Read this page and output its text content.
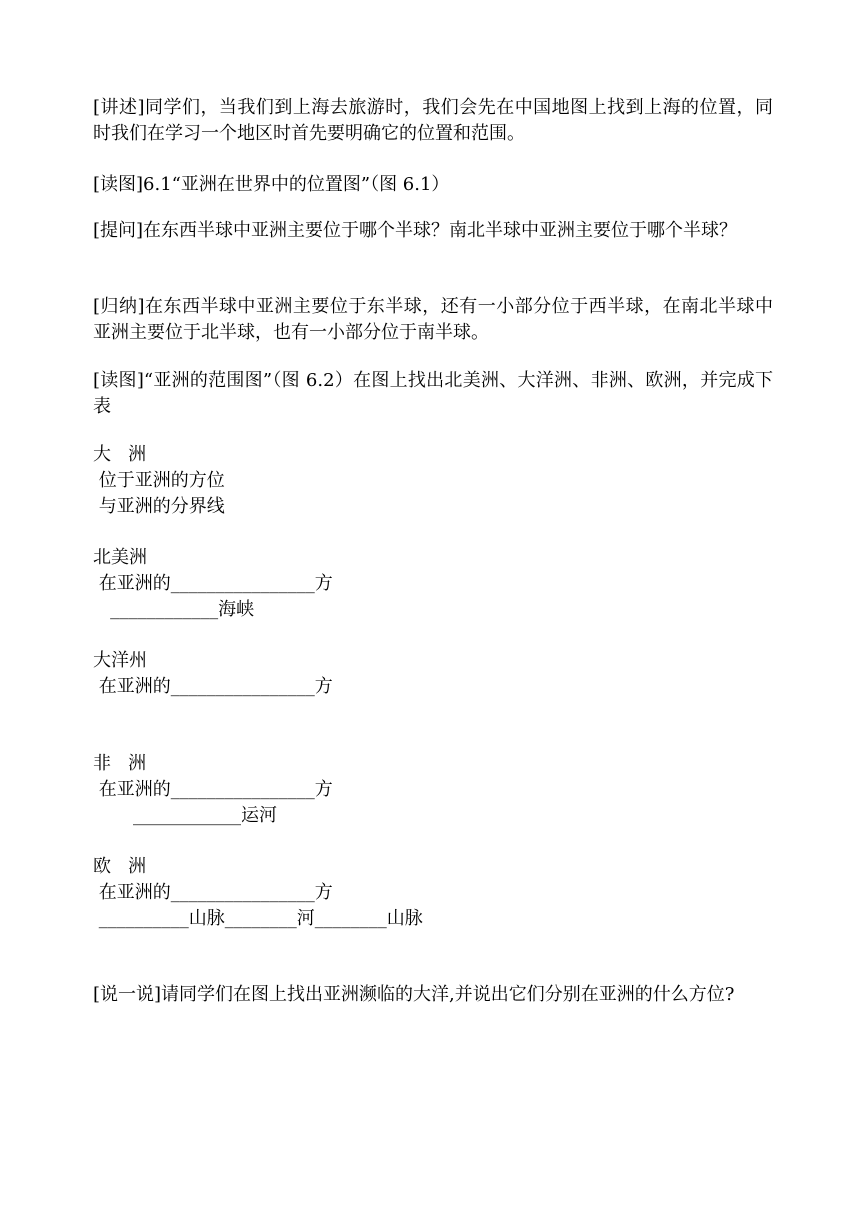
[讲述]同学们，当我们到上海去旅游时，我们会先在中国地图上找到上海的位置，同时我们在学习一个地区时首先要明确它的位置和范围。

[读图]6.1“亚洲在世界中的位置图”（图 6.1）

[提问]在东西半球中亚洲主要位于哪个半球？南北半球中亚洲主要位于哪个半球？

[归纳]在东西半球中亚洲主要位于东半球，还有一小部分位于西半球，在南北半球中亚洲主要位于北半球，也有一小部分位于南半球。

[读图]“亚洲的范围图”（图 6.2）在图上找出北美洲、大洋洲、非洲、欧洲，并完成下表

大   洲
位于亚洲的方位
与亚洲的分界线
北美洲
在亚洲的________________方
____________海峡
大洋州
在亚洲的________________方
非   洲
在亚洲的________________方
____________运河
欧   洲
在亚洲的________________方
__________山脉________河________山脉

[说一说]请同学们在图上找出亚洲濒临的大洋,并说出它们分别在亚洲的什么方位?
